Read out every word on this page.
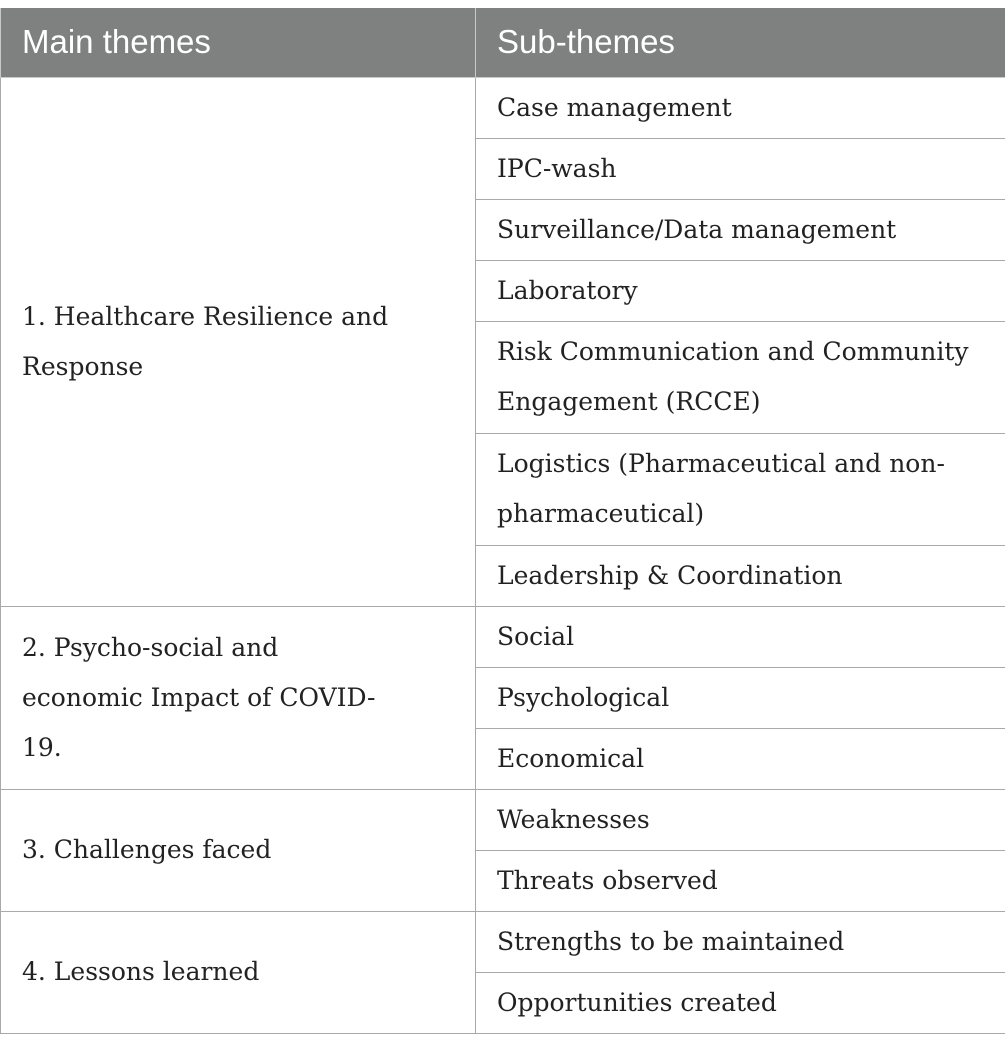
Main themes	Sub-themes
1. Healthcare Resilience and Response	Case management
	IPC-wash
	Surveillance/Data management
	Laboratory
	Risk Communication and Community Engagement (RCCE)
	Logistics (Pharmaceutical and non-pharmaceutical)
	Leadership & Coordination
2. Psycho-social and economic Impact of COVID-19.	Social
	Psychological
	Economical
3. Challenges faced	Weaknesses
	Threats observed
4. Lessons learned	Strengths to be maintained
	Opportunities created
